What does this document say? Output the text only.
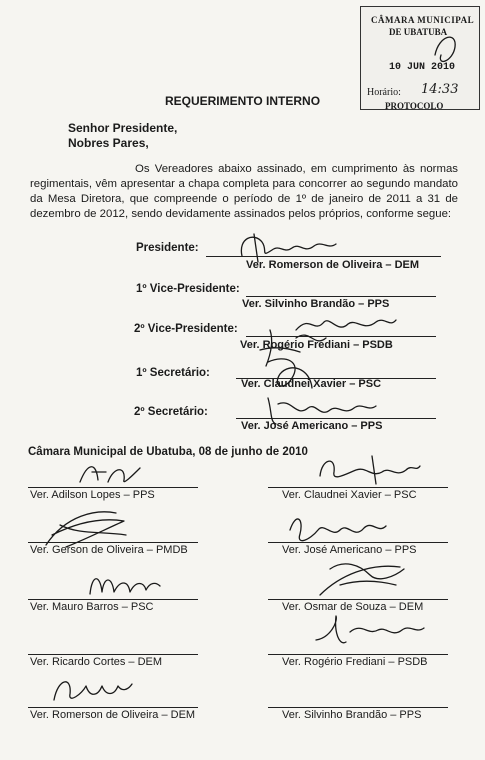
CÂMARA MUNICIPAL
DE UBATUBA
10 JUN 2010
Horário: 14:33
PROTOCOLO
REQUERIMENTO INTERNO
Senhor Presidente,
Nobres Pares,
Os Vereadores abaixo assinado, em cumprimento às normas regimentais, vêm apresentar a chapa completa para concorrer ao segundo mandato da Mesa Diretora, que compreende o período de 1º de janeiro de 2011 a 31 de dezembro de 2012, sendo devidamente assinados pelos próprios, conforme segue:
Presidente:
Ver. Romerson de Oliveira – DEM
1º Vice-Presidente:
Ver. Silvinho Brandão – PPS
2º Vice-Presidente:
Ver. Rogério Frediani – PSDB
1º Secretário:
Ver. Claudnei Xavier – PSC
2º Secretário:
Ver. José Americano – PPS
Câmara Municipal de Ubatuba, 08 de junho de 2010
Ver. Adilson Lopes – PPS	Ver. Claudnei Xavier – PSC
Ver. Gerson de Oliveira – PMDB	Ver. José Americano – PPS
Ver. Mauro Barros – PSC	Ver. Osmar de Souza – DEM
Ver. Ricardo Cortes – DEM	Ver. Rogério Frediani – PSDB
Ver. Romerson de Oliveira – DEM	Ver. Silvinho Brandão – PPS
